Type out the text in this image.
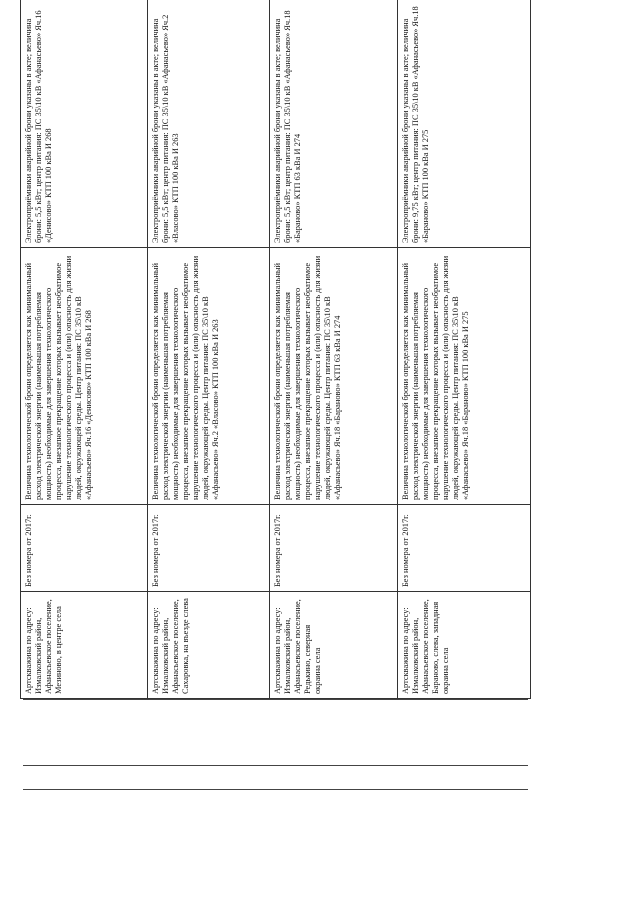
Артскважина по адресу: Измалковский район, Афанасьевское поселение, Мезиново, в центре села	Без номера от 2017г.	Величина технологической брони определяется как минимальный расход электрической энергии (наименьшая потребляемая мощность) необходимые для завершения технологического процесса, внезапное прекращение которых вызывает необратимое нарушение технологического процесса и (или) опасность для жизни людей, окружающей среды. Центр питания: ПС 35\10 кВ «Афанасьево» Яч.16 «Денисово» КТП 100 кВа И 268	Электроприёмники аварийной брони указаны в акте; величина брони: 5,5 кВт; центр питания: ПС 35\10 кВ «Афанасьево» Яч.16 «Денисово» КТП 100 кВа И 268

Артскважина по адресу: Измалковский район, Афанасьевское поселение, Сахаровка, на въезде слева	Без номера от 2017г.	Величина технологической брони определяется как минимальный расход электрической энергии (наименьшая потребляемая мощность) необходимые для завершения технологического процесса, внезапное прекращение которых вызывает необратимое нарушение технологического процесса и (или) опасность для жизни людей, окружающей среды. Центр питания: ПС 35\10 кВ «Афанасьево» Яч.2 «Власово» КТП 100 кВа И 263	Электроприёмники аварийной брони указаны в акте; величина брони: 5,5 кВт; центр питания: ПС 35\10 кВ «Афанасьево» Яч.2 «Власово» КТП 100 кВа И 263

Артскважина по адресу: Измалковский район, Афанасьевское поселение, Редькино, северная окраина села	Без номера от 2017г.	Величина технологической брони определяется как минимальный расход электрической энергии (наименьшая потребляемая мощность) необходимые для завершения технологического процесса, внезапное прекращение которых вызывает необратимое нарушение технологического процесса и (или) опасность для жизни людей, окружающей среды. Центр питания: ПС 35\10 кВ «Афанасьево» Яч.18 «Бараново» КТП 63 кВа И 274	Электроприёмники аварийной брони указаны в акте; величина брони: 5,5 кВт; центр питания: ПС 35\10 кВ «Афанасьево» Яч.18 «Бараново» КТП 63 кВа И 274

Артскважина по адресу: Измалковский район, Афанасьевское поселение, Бараново, слева, западная окраина села	Без номера от 2017г.	Величина технологической брони определяется как минимальный расход электрической энергии (наименьшая потребляемая мощность) необходимые для завершения технологического процесса, внезапное прекращение которых вызывает необратимое нарушение технологического процесса и (или) опасность для жизни людей, окружающей среды. Центр питания: ПС 35\10 кВ «Афанасьево» Яч.18 «Бараново» КТП 100 кВа И 275	Электроприёмники аварийной брони указаны в акте; величина брони: 9,75 кВт; центр питания: ПС 35\10 кВ «Афанасьево» Яч.18 «Бараново» КТП 100 кВа И 275
